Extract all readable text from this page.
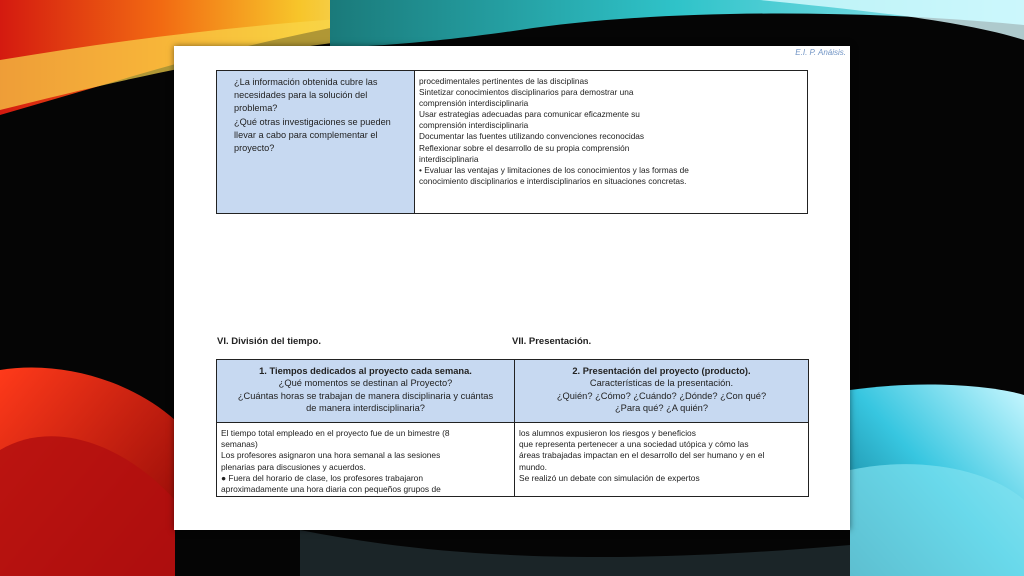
E.I. P. Anáisis.
¿La información obtenida cubre las
necesidades para la solución del
problema?
¿Qué otras investigaciones se pueden
llevar a cabo para complementar el
proyecto?
procedimentales pertinentes de las disciplinas
Sintetizar conocimientos disciplinarios para demostrar una
comprensión interdisciplinaria
Usar estrategias adecuadas para comunicar eficazmente su
comprensión interdisciplinaria
Documentar las fuentes utilizando convenciones reconocidas
Reflexionar sobre el desarrollo de su propia comprensión
interdisciplinaria
• Evaluar las ventajas y limitaciones de los conocimientos y las formas de
conocimiento disciplinarios e interdisciplinarios en situaciones concretas.
VI. División del tiempo.	VII. Presentación.
1. Tiempos dedicados al proyecto cada semana.
¿Qué momentos se destinan al Proyecto?
¿Cuántas horas se trabajan de manera disciplinaria y cuántas
de manera interdisciplinaria?
2. Presentación del proyecto (producto).
Características de la presentación.
¿Quién? ¿Cómo? ¿Cuándo? ¿Dónde? ¿Con qué?
¿Para qué? ¿A quién?
El tiempo total empleado en el proyecto fue de un bimestre (8
semanas)
Los profesores asignaron una hora semanal a las sesiones
plenarias para discusiones y acuerdos.
● Fuera del horario de clase, los profesores trabajaron
aproximadamente una hora diaria con pequeños grupos de
los alumnos expusieron los riesgos y beneficios
que representa pertenecer a una sociedad utópica y cómo las
áreas trabajadas impactan en el desarrollo del ser humano y en el
mundo.
Se realizó un debate con simulación de expertos
